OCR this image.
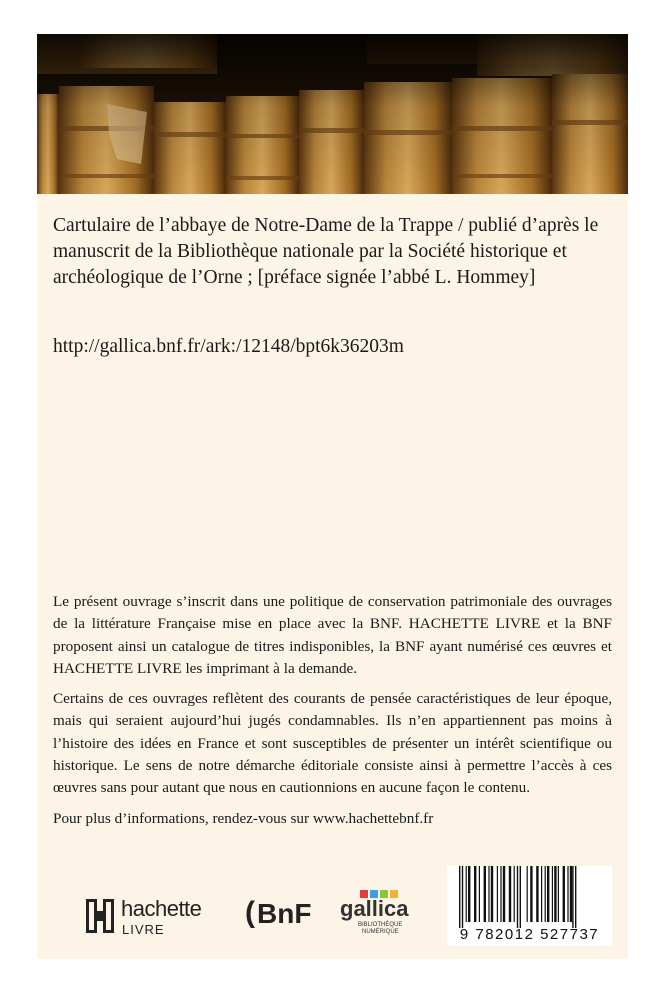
Cartulaire de l’abbaye de Notre-Dame de la Trappe / publié d’après le manuscrit de la Bibliothèque nationale par la Société historique et archéologique de l’Orne ; [préface signée l’abbé L. Hommey]
http://gallica.bnf.fr/ark:/12148/bpt6k36203m

Le présent ouvrage s’inscrit dans une politique de conservation patrimoniale des ouvrages de la littérature Française mise en place avec la BNF. HACHETTE LIVRE et la BNF proposent ainsi un catalogue de titres indisponibles, la BNF ayant numérisé ces œuvres et HACHETTE LIVRE les imprimant à la demande.

Certains de ces ouvrages reflètent des courants de pensée caractéristiques de leur époque, mais qui seraient aujourd’hui jugés condamnables. Ils n’en appartiennent pas moins à l’histoire des idées en France et sont susceptibles de présenter un intérêt scientifique ou historique. Le sens de notre démarche éditoriale consiste ainsi à permettre l’accès à ces œuvres sans pour autant que nous en cautionnions en aucune façon le contenu.

Pour plus d’informations, rendez-vous sur www.hachettebnf.fr

hachette
LIVRE
( BnF gallica
BIBLIOTHÈQUE
NUMÉRIQUE	9 782012 527737
